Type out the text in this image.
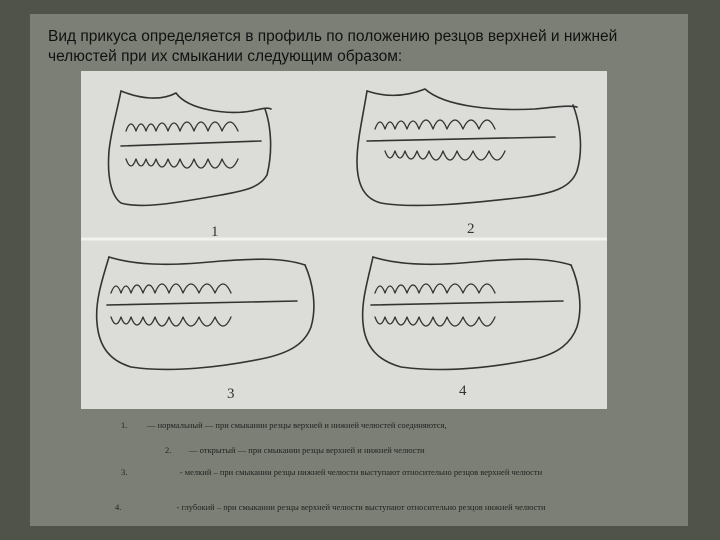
Вид прикуса определяется в профиль по положению резцов верхней и нижней челюстей при их смыкании следующим образом:
1	2
3	4
1.	— нормальный — при смыкании резцы верхней и нижней челюстей соединяются,
2.	— открытый — при смыкании резцы верхней и нижней челюсти
3.	- мелкий – при смыкании резцы нижней челюсти выступают относительно резцов верхней челюсти
4.	- глубокий – при смыкании резцы верхней челюсти выступают относительно резцов нижней челюсти
